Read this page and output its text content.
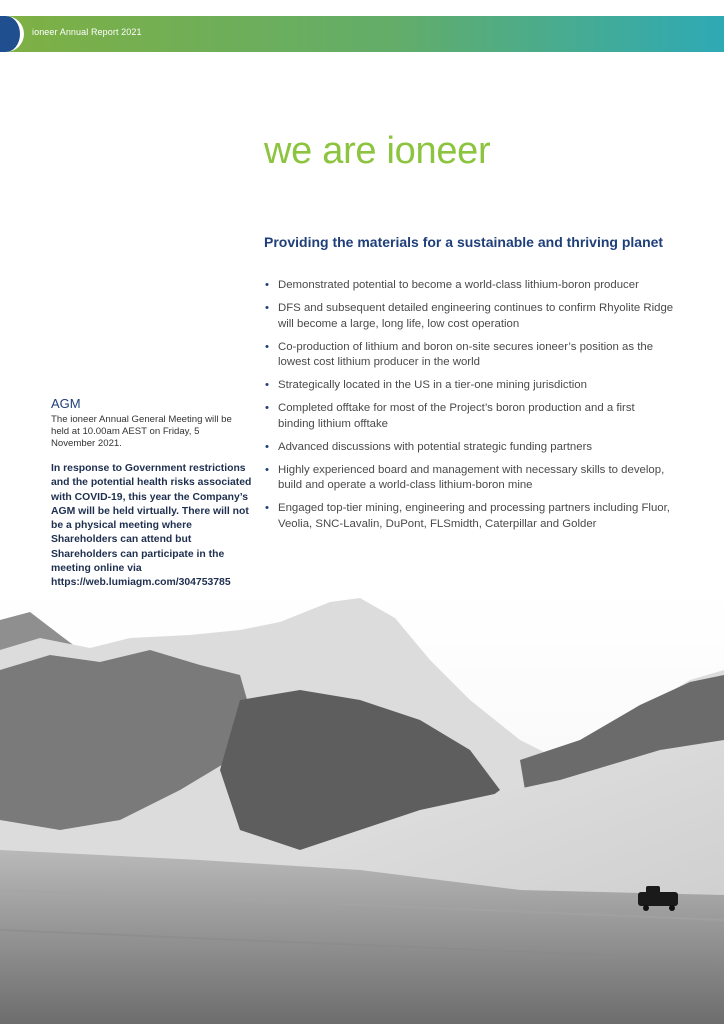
ioneer Annual Report 2021
we are ioneer
Providing the materials for a sustainable and thriving planet
• Demonstrated potential to become a world-class lithium-boron producer
• DFS and subsequent detailed engineering continues to confirm Rhyolite Ridge will become a large, long life, low cost operation
• Co-production of lithium and boron on-site secures ioneer’s position as the lowest cost lithium producer in the world
• Strategically located in the US in a tier-one mining jurisdiction
• Completed offtake for most of the Project’s boron production and a first binding lithium offtake
• Advanced discussions with potential strategic funding partners
• Highly experienced board and management with necessary skills to develop, build and operate a world-class lithium-boron mine
• Engaged top-tier mining, engineering and processing partners including Fluor, Veolia, SNC-Lavalin, DuPont, FLSmidth, Caterpillar and Golder
AGM

The ioneer Annual General Meeting will be held at 10.00am AEST on Friday, 5 November 2021.

In response to Government restrictions and the potential health risks associated with COVID-19, this year the Company’s AGM will be held virtually. There will not be a physical meeting where Shareholders can attend but Shareholders can participate in the meeting online via https://web.lumiagm.com/304753785
